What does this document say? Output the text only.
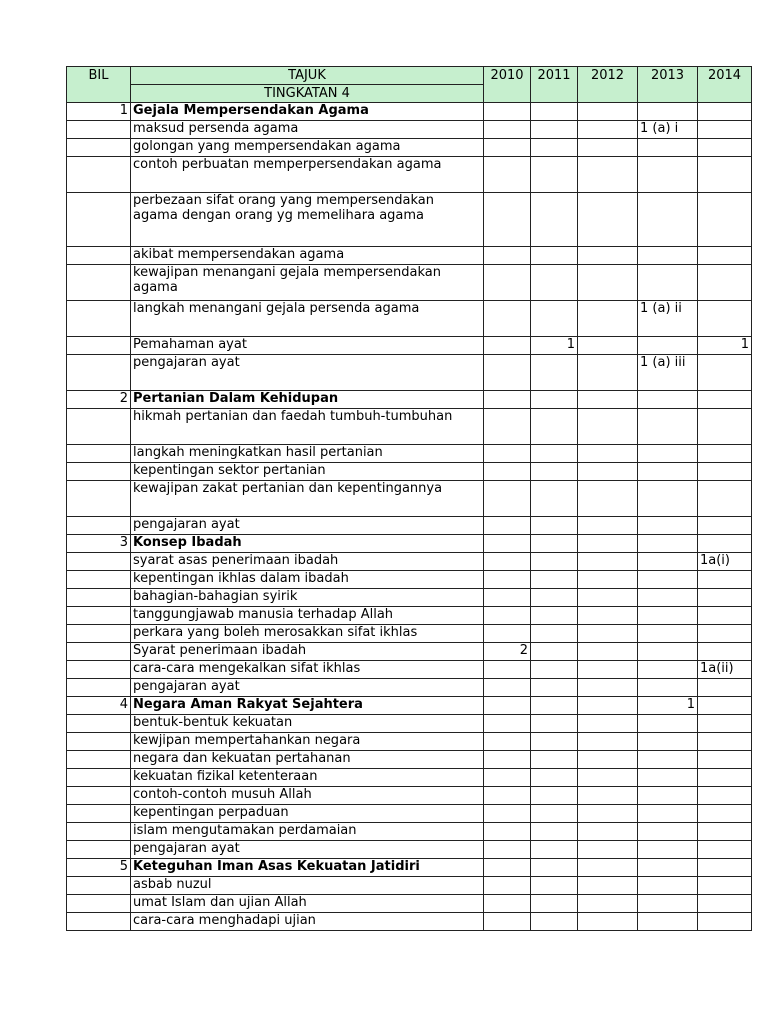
BIL	TAJUK	2010	2011	2012	2013	2014
	TINGKATAN 4					
1	Gejala Mempersendakan Agama					
	maksud persenda agama				1 (a) i	
	golongan yang mempersendakan agama					
	contoh perbuatan memperpersendakan agama					
	perbezaan sifat orang yang mempersendakan agama dengan orang yg memelihara agama					
	akibat mempersendakan agama					
	kewajipan menangani gejala mempersendakan agama					
	langkah menangani gejala persenda agama				1 (a) ii	
	Pemahaman ayat		1			1
	pengajaran ayat				1 (a) iii	
2	Pertanian Dalam Kehidupan					
	hikmah pertanian dan faedah tumbuh-tumbuhan					
	langkah meningkatkan hasil pertanian					
	kepentingan sektor pertanian					
	kewajipan zakat pertanian dan kepentingannya					
	pengajaran ayat					
3	Konsep Ibadah					
	syarat asas penerimaan ibadah					1a(i)
	kepentingan ikhlas dalam ibadah					
	bahagian-bahagian syirik					
	tanggungjawab manusia terhadap Allah					
	perkara yang boleh merosakkan sifat ikhlas					
	Syarat penerimaan ibadah	2				
	cara-cara mengekalkan sifat ikhlas					1a(ii)
	pengajaran ayat					
4	Negara Aman Rakyat Sejahtera				1	
	bentuk-bentuk kekuatan					
	kewjipan mempertahankan negara					
	negara dan kekuatan pertahanan					
	kekuatan fizikal ketenteraan					
	contoh-contoh musuh Allah					
	kepentingan perpaduan					
	islam mengutamakan perdamaian					
	pengajaran ayat					
5	Keteguhan Iman Asas Kekuatan Jatidiri					
	asbab nuzul					
	umat Islam dan ujian Allah					
	cara-cara menghadapi ujian					
